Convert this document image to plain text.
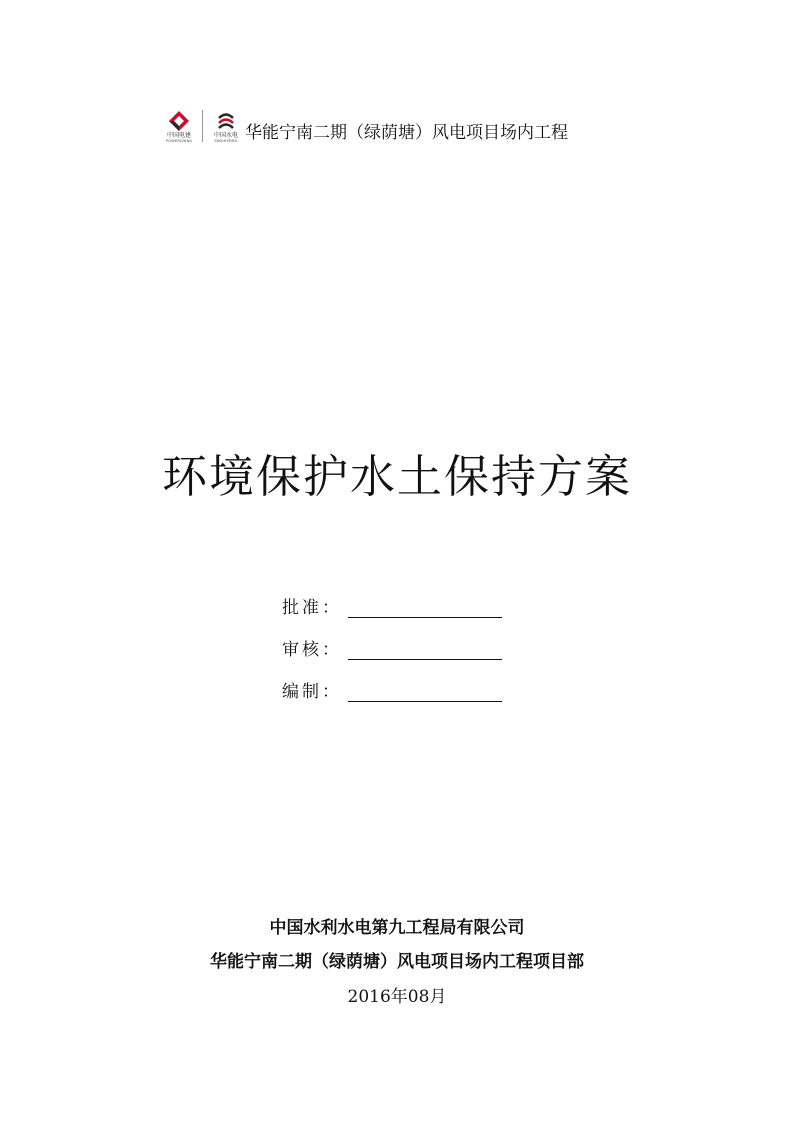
中国电建
POWERCHINA
中国水电
SINOHYDRO 华能宁南二期（绿荫塘）风电项目场内工程
环境保护水土保持方案
批准：
审核：
编制：
中国水利水电第九工程局有限公司
华能宁南二期（绿荫塘）风电项目场内工程项目部
2016年08月
